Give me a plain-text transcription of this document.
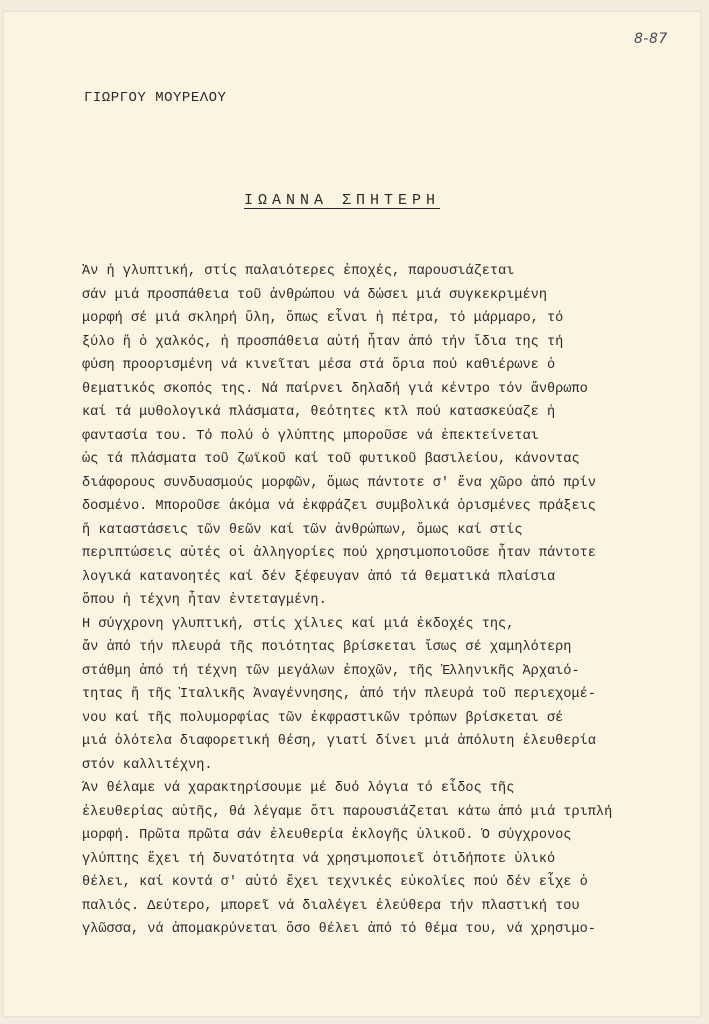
8-87
ΓΙΩΡΓΟΥ ΜΟΥΡΕΛΟΥ
ΙΩΑΝΝΑ ΣΠΗΤΕΡΗ
Ἂν ἡ γλυπτική, στίς παλαιότερες ἐποχές, παρουσιάζεται
σάν μιά προσπάθεια τοῦ ἀνθρώπου νά δώσει μιά συγκεκριμένη
μορφή σέ μιά σκληρή ὕλη, ὅπως εἶναι ἡ πέτρα, τό μάρμαρο, τό
ξύλο ἤ ὁ χαλκός, ἡ προσπάθεια αὐτή ἦταν ἀπό τήν ἴδια της τή
φύση προορισμένη νά κινεῖται μέσα στά ὅρια πού καθιέρωνε ὁ
θεματικός σκοπός της. Νά παίρνει δηλαδή γιά κέντρο τόν ἄνθρωπο
καί τά μυθολογικά πλάσματα, θεότητες κτλ πού κατασκεύαζε ἡ
φαντασία του. Τό πολύ ὁ γλύπτης μποροῦσε νά ἐπεκτείνεται
ὡς τά πλάσματα τοῦ ζωϊκοῦ καί τοῦ φυτικοῦ βασιλείου, κάνοντας
διάφορους συνδυασμούς μορφῶν, ὅμως πάντοτε σ' ἕνα χῶρο ἀπό πρίν
δοσμένο. Μποροῦσε ἀκόμα νά ἐκφράζει συμβολικά ὁρισμένες πράξεις
ἤ καταστάσεις τῶν θεῶν καί τῶν ἀνθρώπων, ὅμως καί στίς
περιπτώσεις αὐτές οἱ ἀλληγορίες πού χρησιμοποιοῦσε ἦταν πάντοτε
λογικά κατανοητές καί δέν ξέφευγαν ἀπό τά θεματικά πλαίσια
ὅπου ἡ τέχνη ἦταν ἐντεταγμένη.
Ἡ σύγχρονη γλυπτική, στίς χίλιες καί μιά ἐκδοχές της,
ἄν ἀπό τήν πλευρά τῆς ποιότητας βρίσκεται ἴσως σέ χαμηλότερη
στάθμη ἀπό τή τέχνη τῶν μεγάλων ἐποχῶν, τῆς Ἑλληνικῆς Ἀρχαιό-
τητας ἤ τῆς Ἰταλικῆς Ἀναγέννησης, ἀπό τήν πλευρά τοῦ περιεχομέ-
νου καί τῆς πολυμορφίας τῶν ἐκφραστικῶν τρόπων βρίσκεται σέ
μιά ὁλότελα διαφορετική θέση, γιατί δίνει μιά ἀπόλυτη ἐλευθερία
στόν καλλιτέχνη.
Ἄν θέλαμε νά χαρακτηρίσουμε μέ δυό λόγια τό εἶδος τῆς
ἐλευθερίας αὐτῆς, θά λέγαμε ὅτι παρουσιάζεται κάτω ἀπό μιά τριπλή
μορφή. Πρῶτα πρῶτα σάν ἐλευθερία ἐκλογῆς ὑλικοῦ. Ὁ σύγχρονος
γλύπτης ἔχει τή δυνατότητα νά χρησιμοποιεῖ ὁτιδήποτε ὑλικό
θέλει, καί κοντά σ' αὐτό ἔχει τεχνικές εὐκολίες πού δέν εἶχε ὁ
παλιός. Δεύτερο, μπορεῖ νά διαλέγει ἐλεύθερα τήν πλαστική του
γλῶσσα, νά ἀπομακρύνεται ὅσο θέλει ἀπό τό θέμα του, νά χρησιμο-
